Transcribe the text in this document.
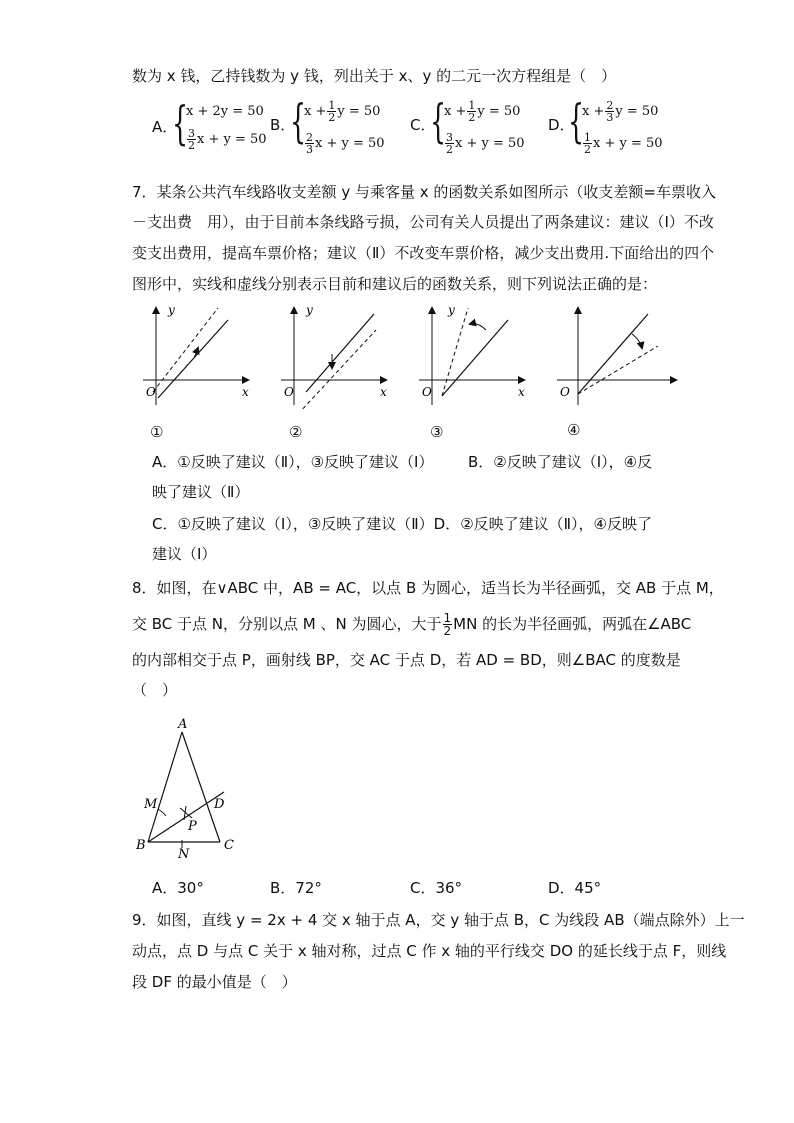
数为 x 钱，乙持钱数为 y 钱，列出关于 x、y 的二元一次方程组是（　）
A．
{
x + 2y = 50
$\frac{3}{2}$ x + y = 50
B．
{
$x + \frac{1}{2}$ y = 50
$\frac{2}{3}$ x + y = 50
C．
{
$x + \frac{1}{2}$ y = 50
$\frac{3}{2}$ x + y = 50
D．
{
$x + \frac{2}{3}$ y = 50
$\frac{1}{2}$ x + y = 50
7．某条公共汽车线路收支差额 y 与乘客量 x 的函数关系如图所示（收支差额=车票收入
－支出费　用），由于目前本条线路亏损，公司有关人员提出了两条建议：建议（Ⅰ）不改
变支出费用，提高车票价格；建议（Ⅱ）不改变车票价格，减少支出费用.下面给出的四个
图形中，实线和虚线分别表示目前和建议后的函数关系，则下列说法正确的是：
y
x
O
y
x
O
y
x
O	O
①	②	③	④
A．①反映了建议（Ⅱ），③反映了建议（Ⅰ） B．②反映了建议（Ⅰ），④反
映了建议（Ⅱ）
C．①反映了建议（Ⅰ），③反映了建议（Ⅱ）D．②反映了建议（Ⅱ），④反映了
建议（Ⅰ）
8．如图，在∨ABC 中，AB = AC，以点 B 为圆心，适当长为半径画弧，交 AB 于点 M，
交 BC 于点 N，分别以点 M 、N 为圆心，大于 $\frac{1}{2}$ MN 的长为半径画弧，两弧在∠ABC
的内部相交于点 P，画射线 BP，交 AC 于点 D，若 AD = BD，则∠BAC 的度数是
（　）
A
B	C
M
N
P
D
A．30°	B．72°	C．36°	D．45°
9．如图，直线 y = 2x + 4 交 x 轴于点 A，交 y 轴于点 B，C 为线段 AB（端点除外）上一
动点，点 D 与点 C 关于 x 轴对称，过点 C 作 x 轴的平行线交 DO 的延长线于点 F，则线
段 DF 的最小值是（　）
